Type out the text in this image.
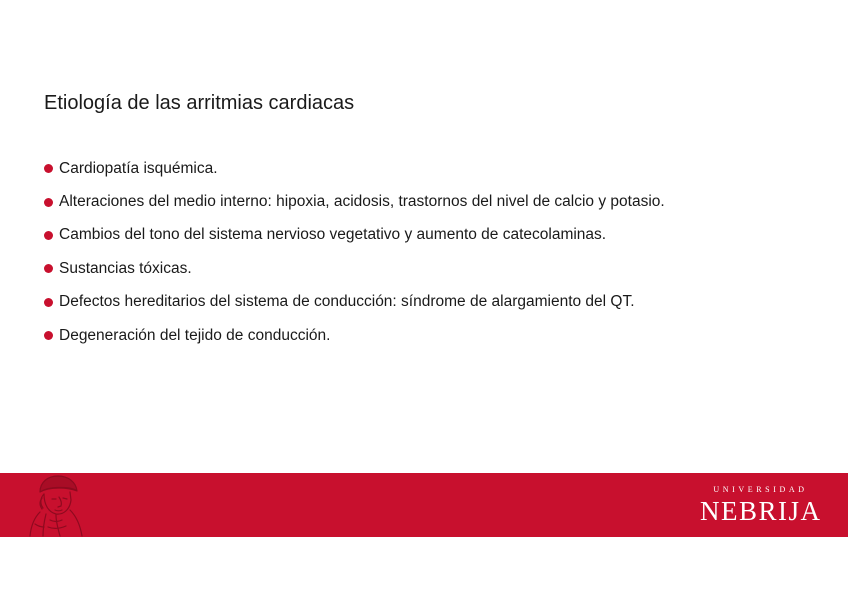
Etiología de las arritmias cardiacas
Cardiopatía isquémica.
Alteraciones del medio interno: hipoxia, acidosis, trastornos del nivel de calcio y potasio.
Cambios del tono del sistema nervioso vegetativo y aumento de catecolaminas.
Sustancias tóxicas.
Defectos hereditarios del sistema de conducción: síndrome de alargamiento del QT.
Degeneración del tejido de conducción.
UNIVERSIDAD
NEBRIJA
